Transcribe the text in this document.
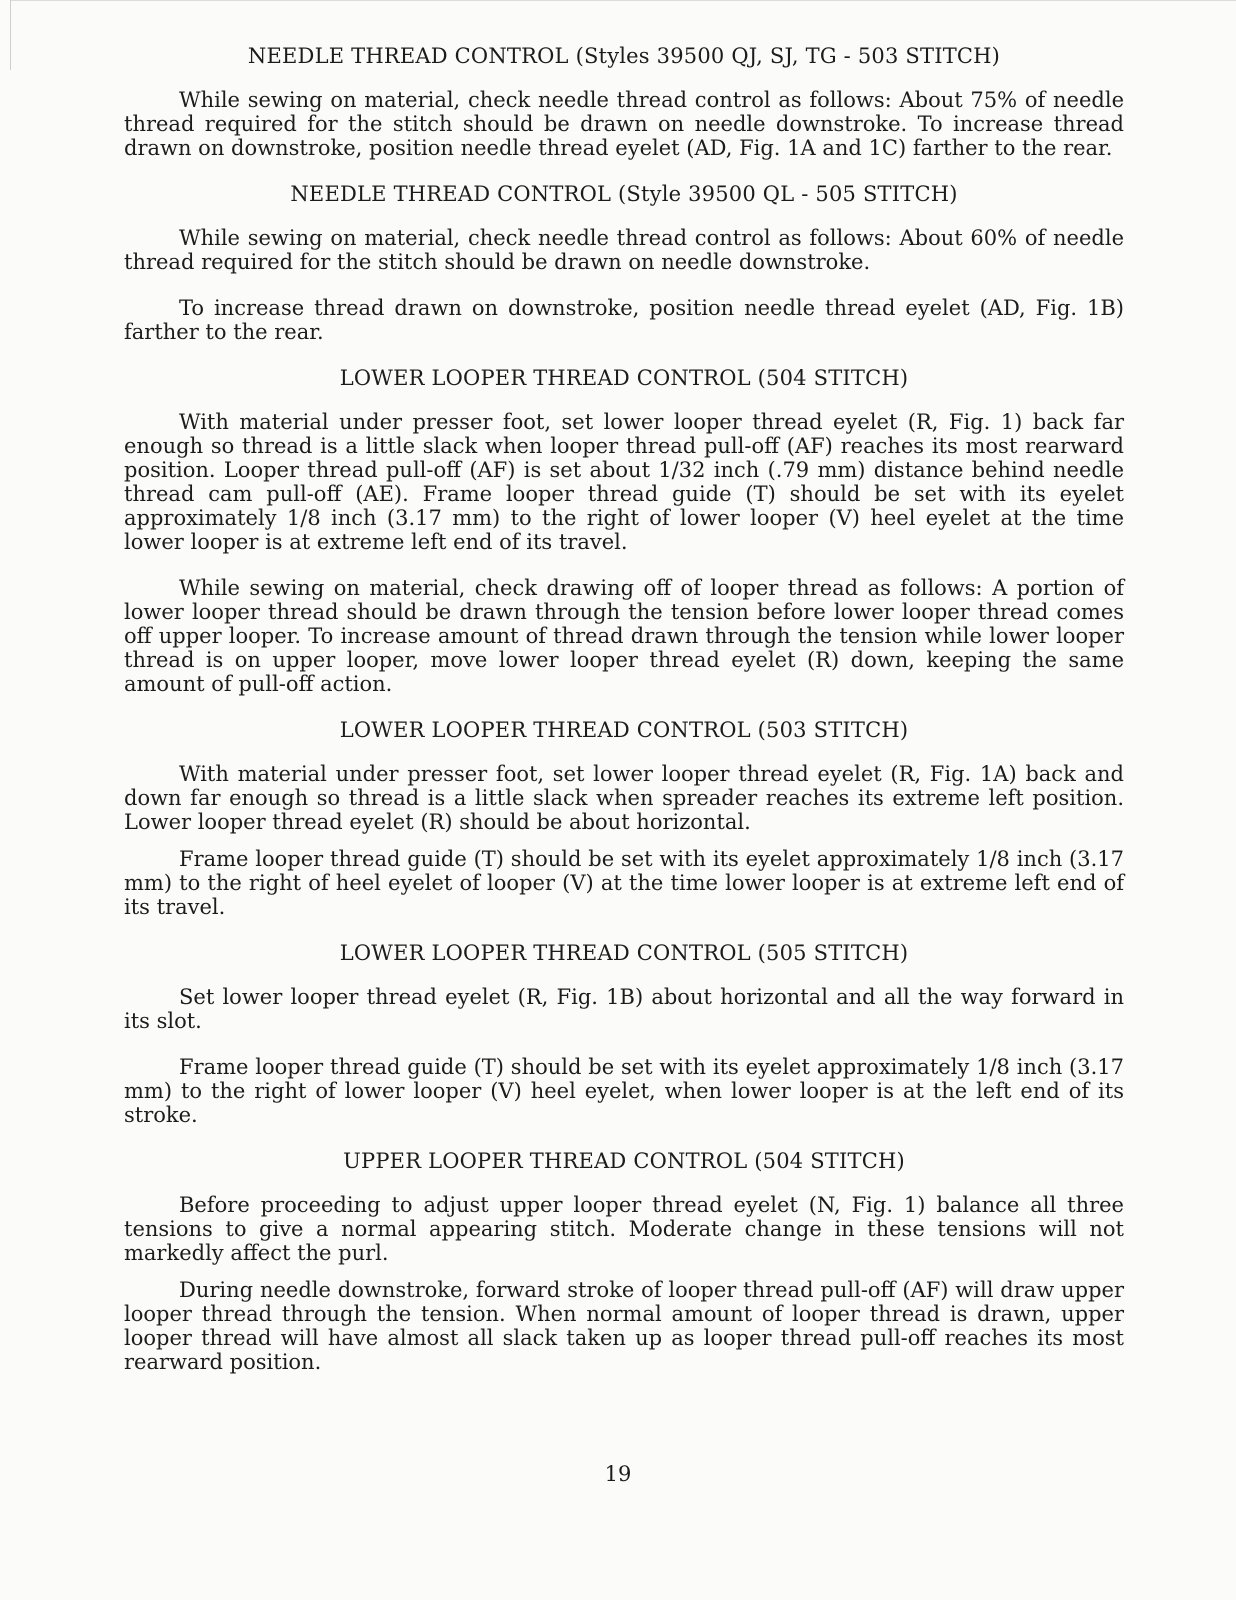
NEEDLE THREAD CONTROL (Styles 39500 QJ, SJ, TG - 503 STITCH)

While sewing on material, check needle thread control as follows: About 75% of needle thread required for the stitch should be drawn on needle downstroke. To increase thread drawn on downstroke, position needle thread eyelet (AD, Fig. 1A and 1C) farther to the rear.

NEEDLE THREAD CONTROL (Style 39500 QL - 505 STITCH)

While sewing on material, check needle thread control as follows: About 60% of needle thread required for the stitch should be drawn on needle downstroke.

To increase thread drawn on downstroke, position needle thread eyelet (AD, Fig. 1B) farther to the rear.

LOWER LOOPER THREAD CONTROL (504 STITCH)

With material under presser foot, set lower looper thread eyelet (R, Fig. 1) back far enough so thread is a little slack when looper thread pull-off (AF) reaches its most rearward position. Looper thread pull-off (AF) is set about 1/32 inch (.79 mm) distance behind needle thread cam pull-off (AE). Frame looper thread guide (T) should be set with its eyelet approximately 1/8 inch (3.17 mm) to the right of lower looper (V) heel eyelet at the time lower looper is at extreme left end of its travel.

While sewing on material, check drawing off of looper thread as follows: A portion of lower looper thread should be drawn through the tension before lower looper thread comes off upper looper. To increase amount of thread drawn through the tension while lower looper thread is on upper looper, move lower looper thread eyelet (R) down, keeping the same amount of pull-off action.

LOWER LOOPER THREAD CONTROL (503 STITCH)

With material under presser foot, set lower looper thread eyelet (R, Fig. 1A) back and down far enough so thread is a little slack when spreader reaches its extreme left position. Lower looper thread eyelet (R) should be about horizontal.

Frame looper thread guide (T) should be set with its eyelet approximately 1/8 inch (3.17 mm) to the right of heel eyelet of looper (V) at the time lower looper is at extreme left end of its travel.

LOWER LOOPER THREAD CONTROL (505 STITCH)

Set lower looper thread eyelet (R, Fig. 1B) about horizontal and all the way forward in its slot.

Frame looper thread guide (T) should be set with its eyelet approximately 1/8 inch (3.17 mm) to the right of lower looper (V) heel eyelet, when lower looper is at the left end of its stroke.

UPPER LOOPER THREAD CONTROL (504 STITCH)

Before proceeding to adjust upper looper thread eyelet (N, Fig. 1) balance all three tensions to give a normal appearing stitch. Moderate change in these tensions will not markedly affect the purl.

During needle downstroke, forward stroke of looper thread pull-off (AF) will draw upper looper thread through the tension. When normal amount of looper thread is drawn, upper looper thread will have almost all slack taken up as looper thread pull-off reaches its most rearward position.

19
